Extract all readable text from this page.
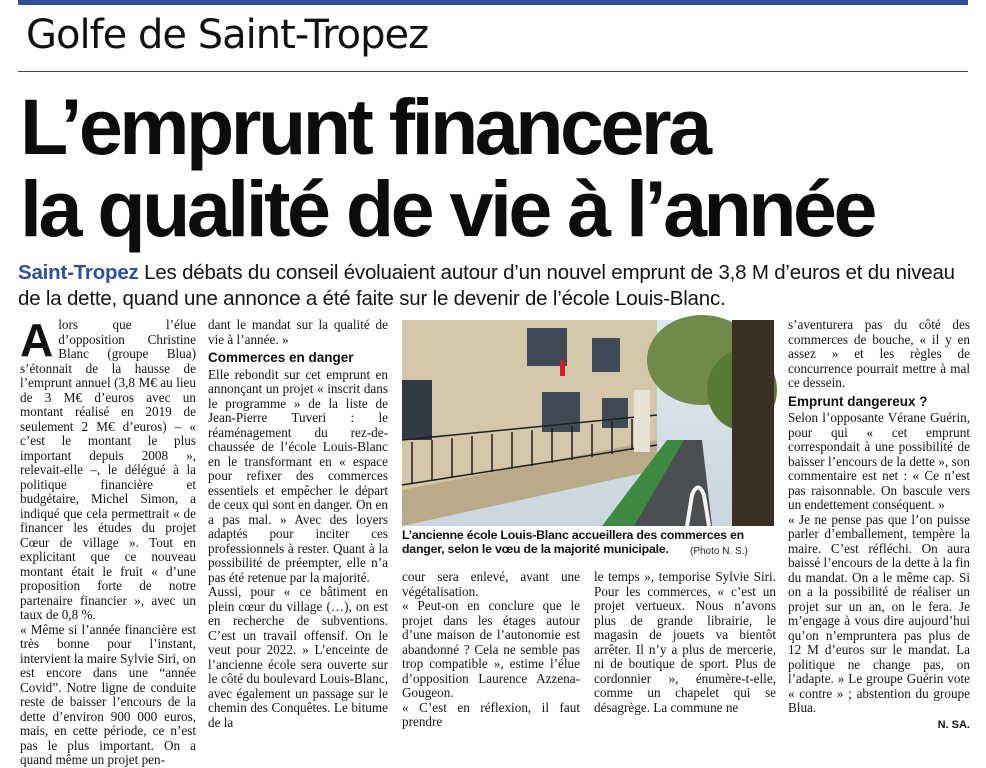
Golfe de Saint-Tropez
L’emprunt financera
la qualité de vie à l’année

Saint-Tropez Les débats du conseil évoluaient autour d’un nouvel emprunt de 3,8 M d’euros et du niveau de la dette, quand une annonce a été faite sur le devenir de l’école Louis-Blanc.

A lors que l’élue d’opposition Christine Blanc (groupe Blua) s’étonnait de la hausse de l’emprunt annuel (3,8 M€ au lieu de 3 M€ d’euros avec un montant réalisé en 2019 de seulement 2 M€ d’euros) – « c’est le montant le plus important depuis 2008 », relevait-elle –, le délégué à la politique financière et budgétaire, Michel Simon, a indiqué que cela permettrait « de financer les études du projet Cœur de village ». Tout en explicitant que ce nouveau montant était le fruit « d’une proposition forte de notre partenaire financier », avec un taux de 0,8 %.

« Même si l’année financière est très bonne pour l’instant, intervient la maire Sylvie Siri, on est encore dans une “année Covid”. Notre ligne de conduite reste de baisser l’encours de la dette d’environ 900 000 euros, mais, en cette période, ce n’est pas le plus important. On a quand même un projet pen-

dant le mandat sur la qualité de vie à l’année. »

Commerces en danger

Elle rebondit sur cet emprunt en annonçant un projet « inscrit dans le programme » de la liste de Jean-Pierre Tuveri : le réaménagement du rez-de-chaussée de l’école Louis-Blanc en le transformant en « espace pour refixer des commerces essentiels et empêcher le départ de ceux qui sont en danger. On en a pas mal. » Avec des loyers adaptés pour inciter ces professionnels à rester. Quant à la possibilité de préempter, elle n’a pas été retenue par la majorité.

Aussi, pour « ce bâtiment en plein cœur du village (…), on est en recherche de subventions. C’est un travail offensif. On le veut pour 2022. » L’enceinte de l’ancienne école sera ouverte sur le côté du boulevard Louis-Blanc, avec également un passage sur le chemin des Conquêtes. Le bitume de la

L’ancienne école Louis-Blanc accueillera des commerces en danger, selon le vœu de la majorité municipale.	(Photo N. S.)

cour sera enlevé, avant une végétalisation.

« Peut-on en conclure que le projet dans les étages autour d’une maison de l’autonomie est abandonné ? Cela ne semble pas trop compatible », estime l’élue d’opposition Laurence Azzena-Gougeon.

« C’est en réflexion, il faut prendre

le temps », temporise Sylvie Siri. Pour les commerces, « c’est un projet vertueux. Nous n’avons plus de grande librairie, le magasin de jouets va bientôt arrêter. Il n’y a plus de mercerie, ni de boutique de sport. Plus de cordonnier », énumère-t-elle, comme un chapelet qui se désagrège. La commune ne

s’aventurera pas du côté des commerces de bouche, « il y en assez » et les règles de concurrence pourrait mettre à mal ce dessein.

Emprunt dangereux ?

Selon l’opposante Vérane Guérin, pour qui « cet emprunt correspondait à une possibilité de baisser l’encours de la dette », son commentaire est net : « Ce n’est pas raisonnable. On bascule vers un endettement conséquent. »

« Je ne pense pas que l’on puisse parler d’emballement, tempère la maire. C’est réfléchi. On aura baissé l’encours de la dette à la fin du mandat. On a le même cap. Si on a la possibilité de réaliser un projet sur un an, on le fera. Je m’engage à vous dire aujourd’hui qu’on n’empruntera pas plus de 12 M d’euros sur le mandat. La politique ne change pas, on l’adapte. » Le groupe Guérin vote « contre » ; abstention du groupe Blua.

N. SA.
